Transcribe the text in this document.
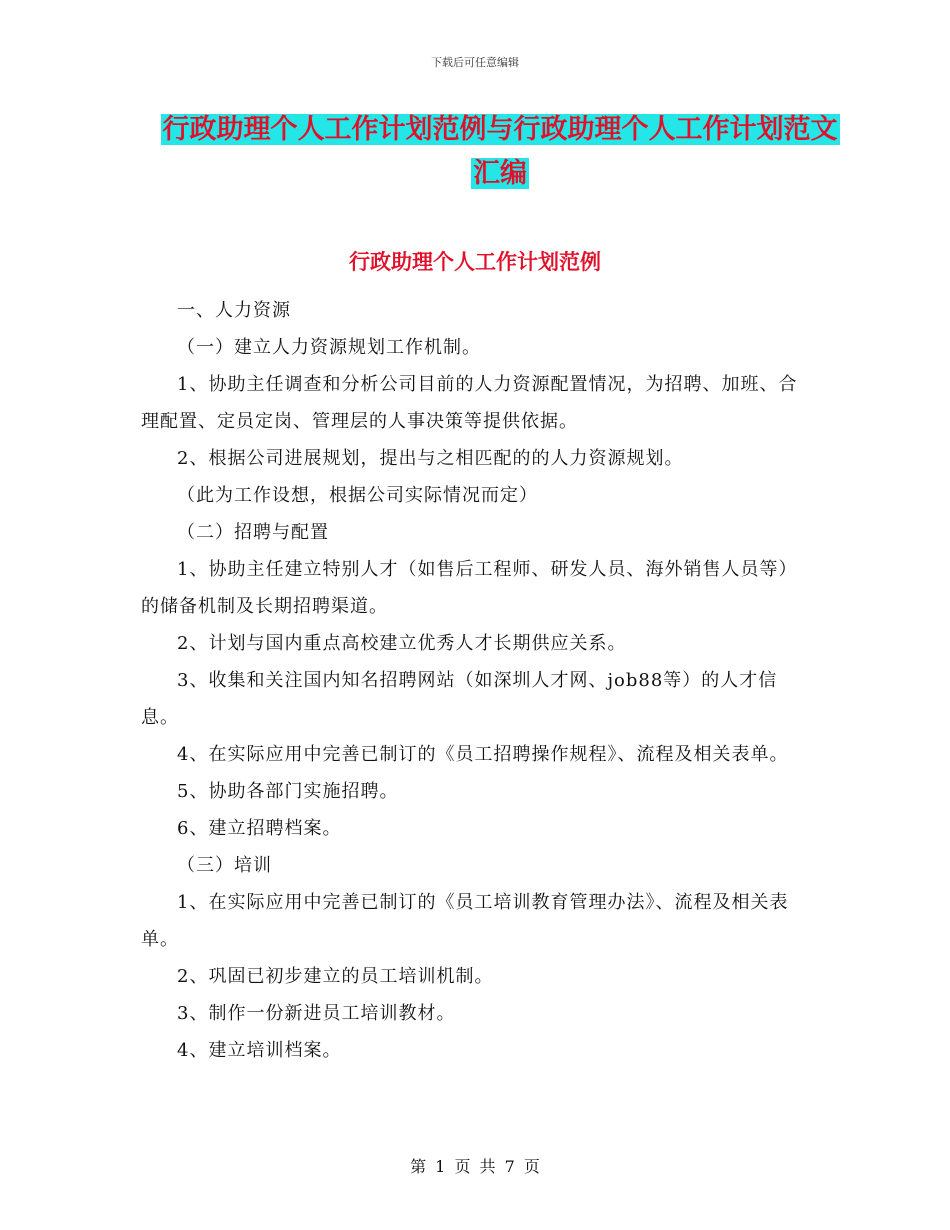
下载后可任意编辑
行政助理个人工作计划范例与行政助理个人工作计划范文汇编
行政助理个人工作计划范例

一、人力资源

（一）建立人力资源规划工作机制。

1、协助主任调查和分析公司目前的人力资源配置情况，为招聘、加班、合理配置、定员定岗、管理层的人事决策等提供依据。

2、根据公司进展规划，提出与之相匹配的的人力资源规划。

（此为工作设想，根据公司实际情况而定）

（二）招聘与配置

1、协助主任建立特别人才（如售后工程师、研发人员、海外销售人员等）的储备机制及长期招聘渠道。

2、计划与国内重点高校建立优秀人才长期供应关系。

3、收集和关注国内知名招聘网站（如深圳人才网、job88等）的人才信息。

4、在实际应用中完善已制订的《员工招聘操作规程》、流程及相关表单。

5、协助各部门实施招聘。

6、建立招聘档案。

（三）培训

1、在实际应用中完善已制订的《员工培训教育管理办法》、流程及相关表单。

2、巩固已初步建立的员工培训机制。

3、制作一份新进员工培训教材。

4、建立培训档案。

第 1 页 共 7 页
